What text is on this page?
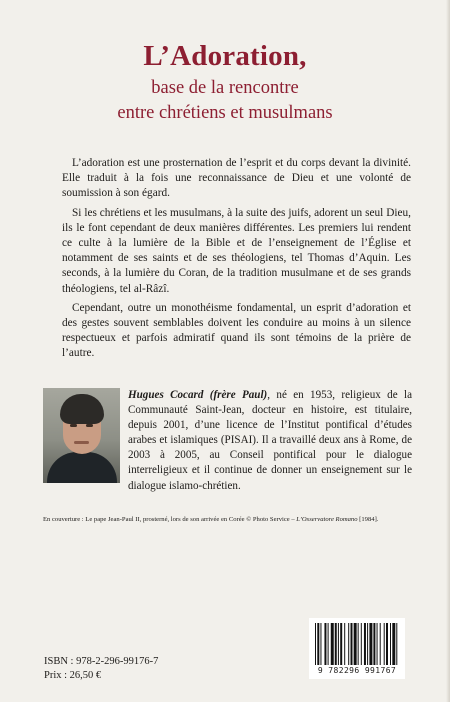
L’Adoration,
base de la rencontre
entre chrétiens et musulmans

L’adoration est une prosternation de l’esprit et du corps devant la divinité. Elle traduit à la fois une reconnaissance de Dieu et une volonté de soumission à son égard.

Si les chrétiens et les musulmans, à la suite des juifs, adorent un seul Dieu, ils le font cependant de deux manières différentes. Les premiers lui rendent ce culte à la lumière de la Bible et de l’enseignement de l’Église et notamment de ses saints et de ses théologiens, tel Thomas d’Aquin. Les seconds, à la lumière du Coran, de la tradition musulmane et de ses grands théologiens, tel al-Râzî.

Cependant, outre un monothéisme fondamental, un esprit d’adoration et des gestes souvent semblables doivent les conduire au moins à un silence respectueux et parfois admiratif quand ils sont témoins de la prière de l’autre.

Hugues Cocard (frère Paul), né en 1953, religieux de la Communauté Saint-Jean, docteur en histoire, est titulaire, depuis 2001, d’une licence de l’Institut pontifical d’études arabes et islamiques (PISAI). Il a travaillé deux ans à Rome, de 2003 à 2005, au Conseil pontifical pour le dialogue interreligieux et il continue de donner un enseignement sur le dialogue islamo-chrétien.
En couverture : Le pape Jean-Paul II, prosterné, lors de son arrivée en Corée © Photo Service – L’Osservatore Romano [1984].
ISBN : 978-2-296-99176-7
Prix : 26,50 €	9 782296 991767
